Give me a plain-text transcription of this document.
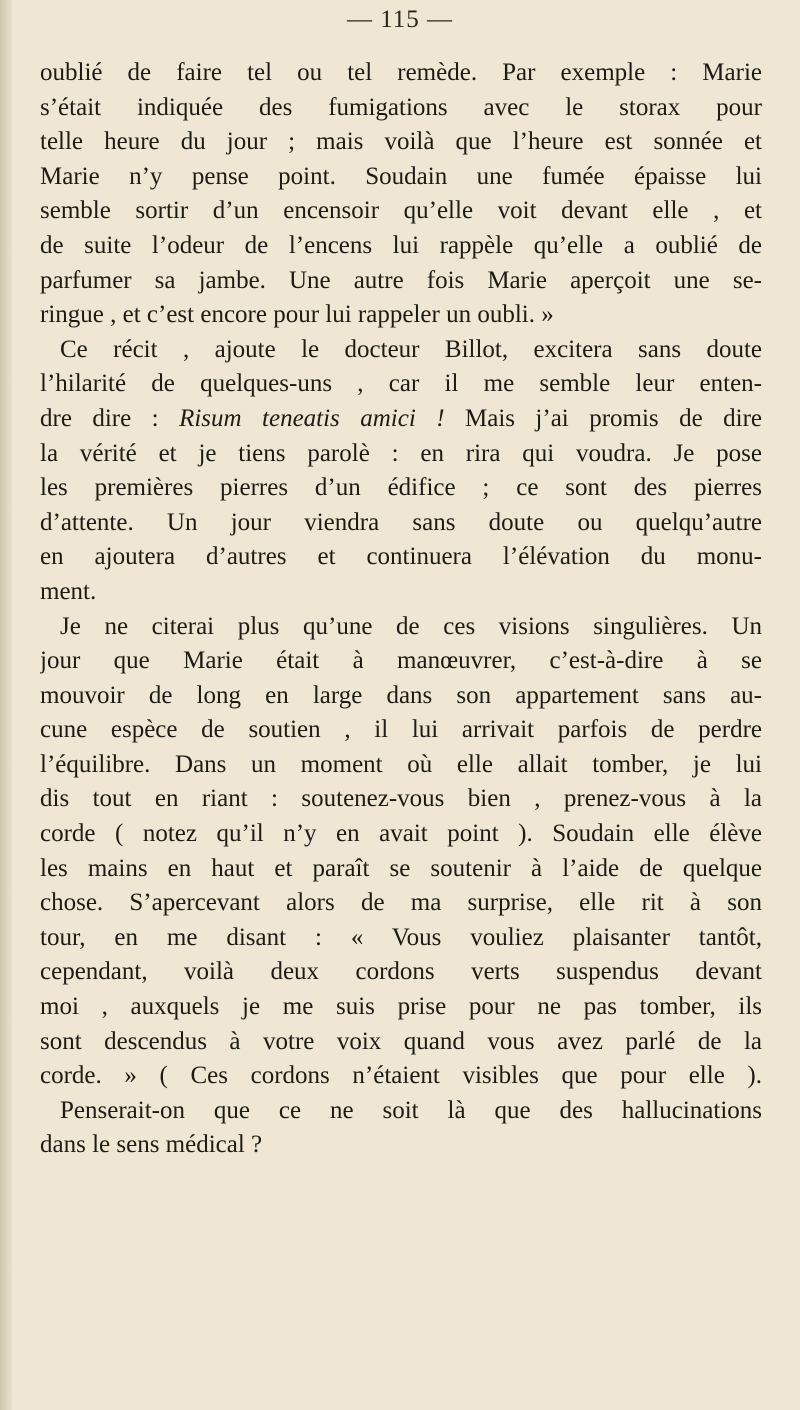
— 115 —
oublié de faire tel ou tel remède. Par exemple : Marie
s’était indiquée des fumigations avec le storax pour
telle heure du jour ; mais voilà que l’heure est sonnée et
Marie n’y pense point. Soudain une fumée épaisse lui
semble sortir d’un encensoir qu’elle voit devant elle , et
de suite l’odeur de l’encens lui rappèle qu’elle a oublié de
parfumer sa jambe. Une autre fois Marie aperçoit une se-
ringue , et c’est encore pour lui rappeler un oubli. »
Ce récit , ajoute le docteur Billot, excitera sans doute
l’hilarité de quelques-uns , car il me semble leur enten-
dre dire : Risum teneatis amici ! Mais j’ai promis de dire
la vérité et je tiens parolè : en rira qui voudra. Je pose
les premières pierres d’un édifice ; ce sont des pierres
d’attente. Un jour viendra sans doute ou quelqu’autre
en ajoutera d’autres et continuera l’élévation du monu-
ment.
Je ne citerai plus qu’une de ces visions singulières. Un
jour que Marie était à manœuvrer, c’est-à-dire à se
mouvoir de long en large dans son appartement sans au-
cune espèce de soutien , il lui arrivait parfois de perdre
l’équilibre. Dans un moment où elle allait tomber, je lui
dis tout en riant : soutenez-vous bien , prenez-vous à la
corde ( notez qu’il n’y en avait point ). Soudain elle élève
les mains en haut et paraît se soutenir à l’aide de quelque
chose. S’apercevant alors de ma surprise, elle rit à son
tour, en me disant : « Vous vouliez plaisanter tantôt,
cependant, voilà deux cordons verts suspendus devant
moi , auxquels je me suis prise pour ne pas tomber, ils
sont descendus à votre voix quand vous avez parlé de la
corde. » ( Ces cordons n’étaient visibles que pour elle ).
Penserait-on que ce ne soit là que des hallucinations
dans le sens médical ?
